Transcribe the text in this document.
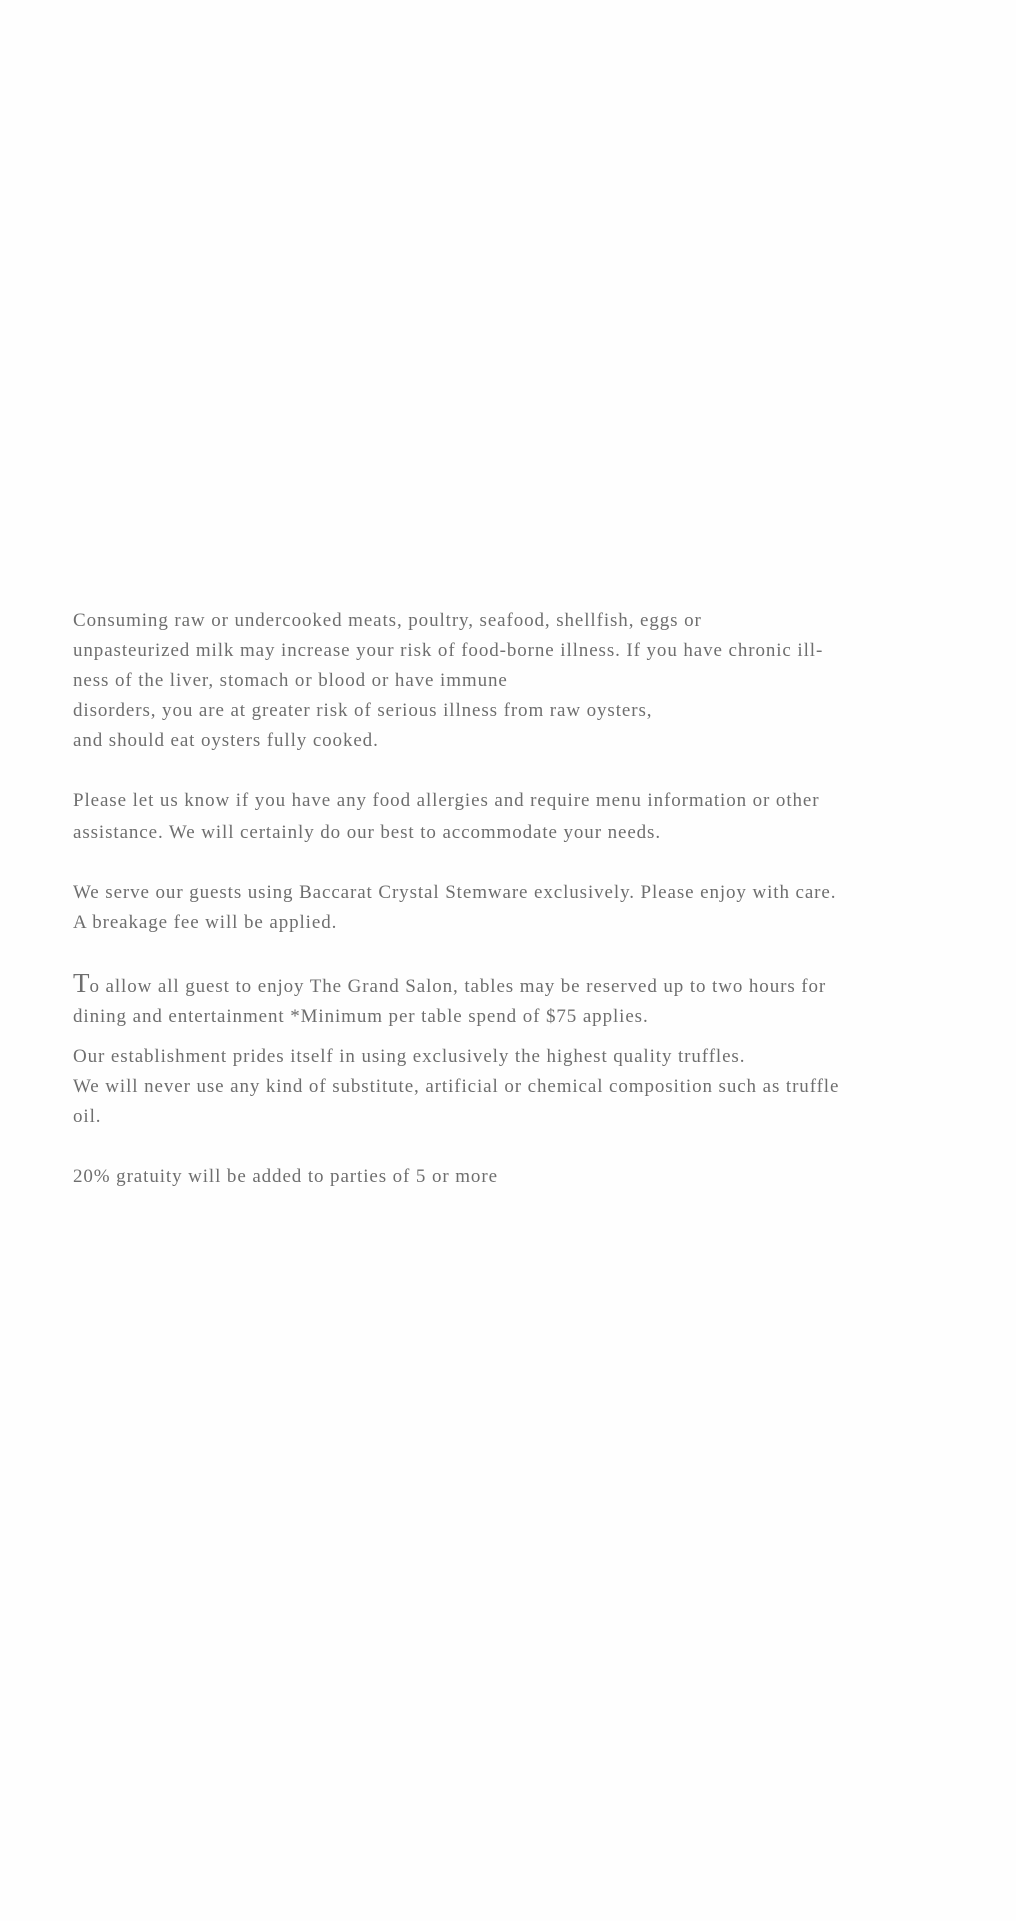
Consuming raw or undercooked meats, poultry, seafood, shellfish, eggs or
unpasteurized milk may increase your risk of food-borne illness. If you have chronic ill-
ness of the liver, stomach or blood or have immune
disorders, you are at greater risk of serious illness from raw oysters,
and should eat oysters fully cooked.

Please let us know if you have any food allergies and require menu information or other
assistance. We will certainly do our best to accommodate your needs.

We serve our guests using Baccarat Crystal Stemware exclusively. Please enjoy with care.
A breakage fee will be applied.

To allow all guest to enjoy The Grand Salon, tables may be reserved up to two hours for
dining and entertainment *Minimum per table spend of $75 applies.

Our establishment prides itself in using exclusively the highest quality truffles.
We will never use any kind of substitute, artificial or chemical composition such as truffle
oil.

20% gratuity will be added to parties of 5 or more
